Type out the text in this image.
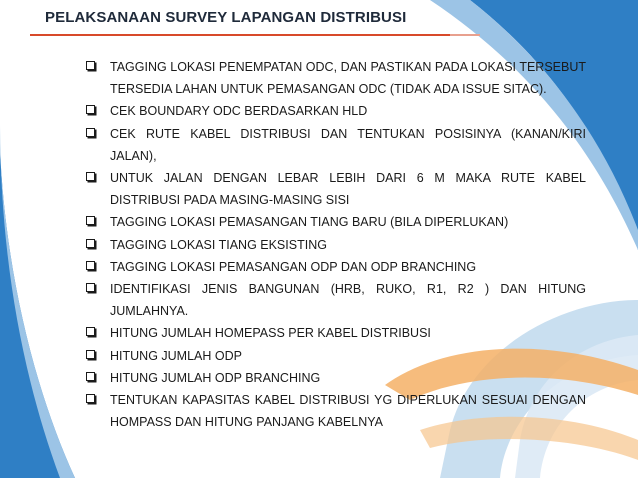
PELAKSANAAN SURVEY LAPANGAN DISTRIBUSI
TAGGING LOKASI PENEMPATAN ODC, DAN PASTIKAN PADA LOKASI TERSEBUT TERSEDIA LAHAN UNTUK PEMASANGAN ODC (TIDAK ADA ISSUE SITAC).
CEK BOUNDARY ODC BERDASARKAN HLD
CEK RUTE KABEL DISTRIBUSI DAN TENTUKAN POSISINYA (KANAN/KIRI JALAN),
UNTUK JALAN DENGAN LEBAR LEBIH DARI 6 M MAKA RUTE KABEL DISTRIBUSI PADA MASING-MASING SISI
TAGGING LOKASI PEMASANGAN TIANG BARU (BILA DIPERLUKAN)
TAGGING LOKASI TIANG EKSISTING
TAGGING LOKASI PEMASANGAN ODP DAN ODP BRANCHING
IDENTIFIKASI JENIS BANGUNAN (HRB, RUKO, R1, R2 ) DAN HITUNG JUMLAHNYA.
HITUNG JUMLAH HOMEPASS PER KABEL DISTRIBUSI
HITUNG JUMLAH ODP
HITUNG JUMLAH ODP BRANCHING
TENTUKAN KAPASITAS KABEL DISTRIBUSI YG DIPERLUKAN SESUAI DENGAN HOMPASS DAN HITUNG PANJANG KABELNYA
